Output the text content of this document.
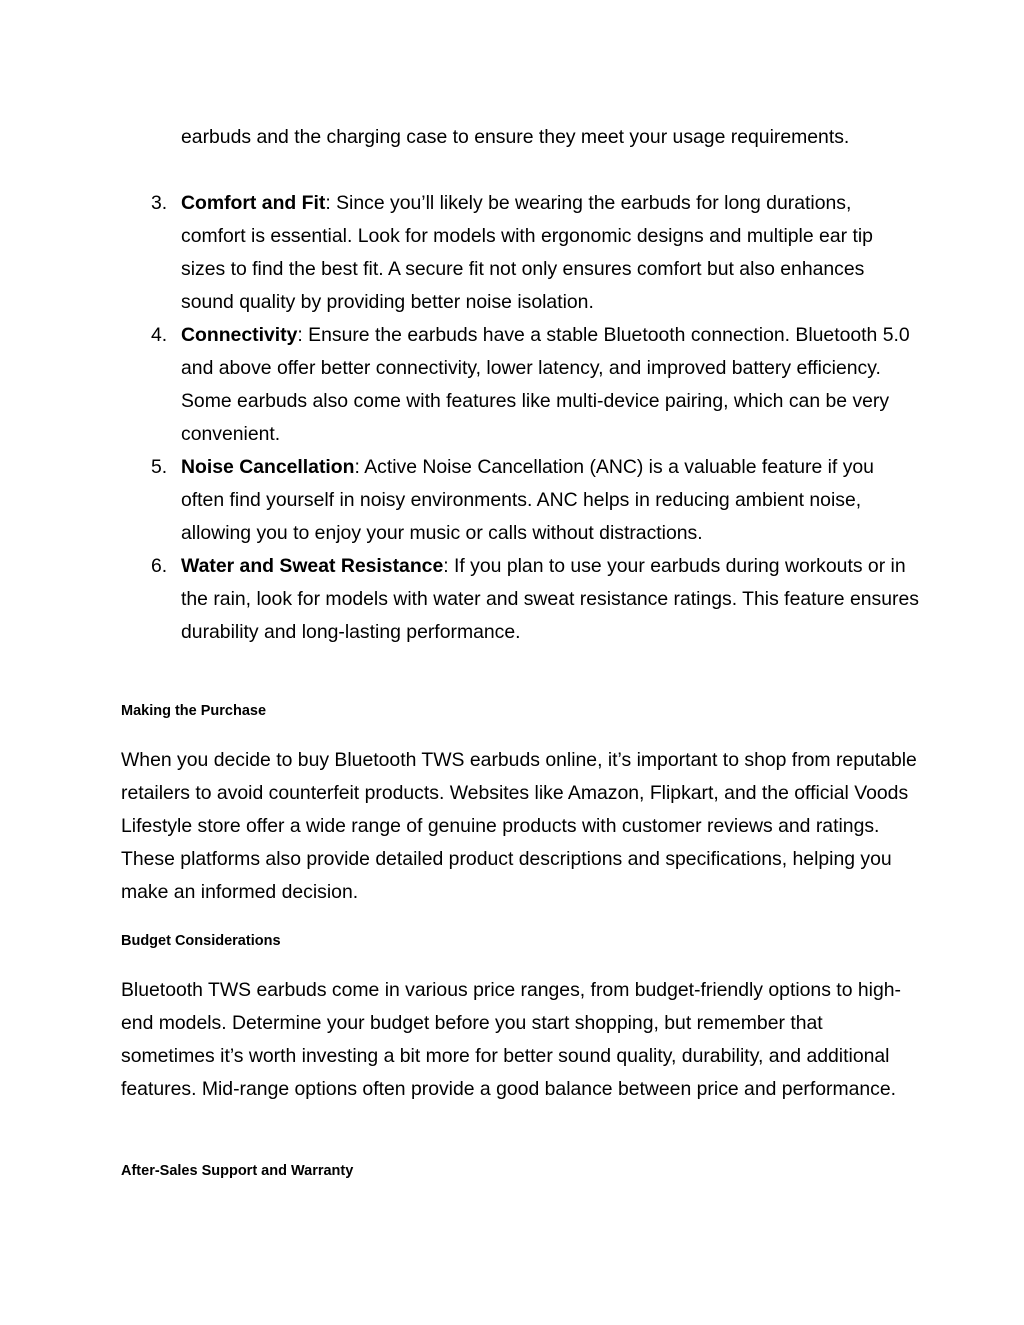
earbuds and the charging case to ensure they meet your usage requirements.
3. Comfort and Fit: Since you’ll likely be wearing the earbuds for long durations, comfort is essential. Look for models with ergonomic designs and multiple ear tip sizes to find the best fit. A secure fit not only ensures comfort but also enhances sound quality by providing better noise isolation.
4. Connectivity: Ensure the earbuds have a stable Bluetooth connection. Bluetooth 5.0 and above offer better connectivity, lower latency, and improved battery efficiency. Some earbuds also come with features like multi-device pairing, which can be very convenient.
5. Noise Cancellation: Active Noise Cancellation (ANC) is a valuable feature if you often find yourself in noisy environments. ANC helps in reducing ambient noise, allowing you to enjoy your music or calls without distractions.
6. Water and Sweat Resistance: If you plan to use your earbuds during workouts or in the rain, look for models with water and sweat resistance ratings. This feature ensures durability and long-lasting performance.
Making the Purchase
When you decide to buy Bluetooth TWS earbuds online, it’s important to shop from reputable retailers to avoid counterfeit products. Websites like Amazon, Flipkart, and the official Voods Lifestyle store offer a wide range of genuine products with customer reviews and ratings. These platforms also provide detailed product descriptions and specifications, helping you make an informed decision.
Budget Considerations
Bluetooth TWS earbuds come in various price ranges, from budget-friendly options to high-end models. Determine your budget before you start shopping, but remember that sometimes it’s worth investing a bit more for better sound quality, durability, and additional features. Mid-range options often provide a good balance between price and performance.
After-Sales Support and Warranty
